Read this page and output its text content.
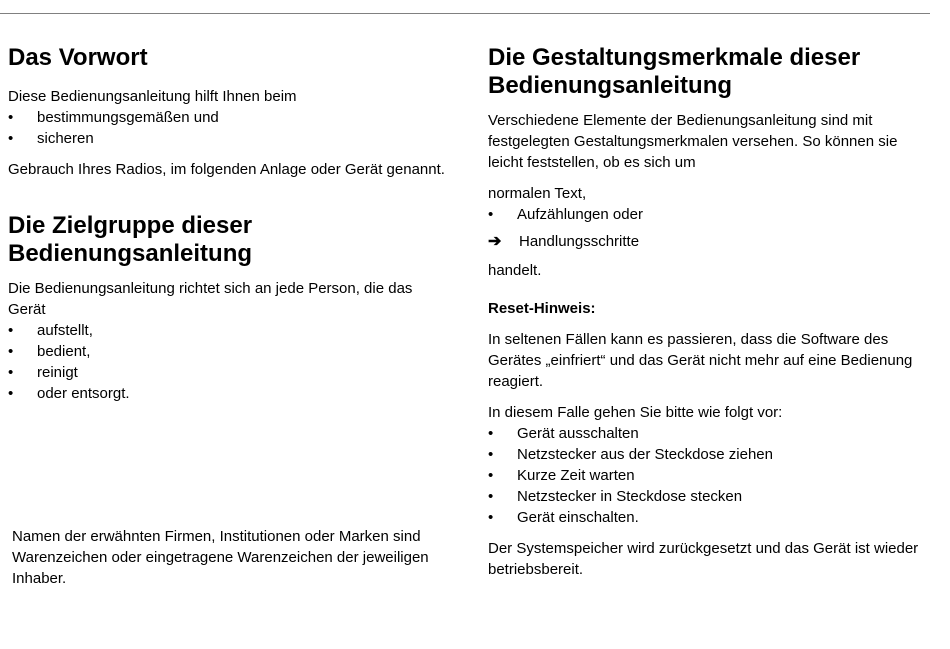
Das Vorwort

Diese Bedienungsanleitung hilft Ihnen beim

•	bestimmungsgemäßen und
•	sicheren

Gebrauch Ihres Radios, im folgenden Anlage oder Gerät genannt.

Die Zielgruppe dieser
Bedienungsanleitung

Die Bedienungsanleitung richtet sich an jede Person, die das Gerät

•	aufstellt,
•	bedient,
•	reinigt
•	oder entsorgt.

Namen der erwähnten Firmen, Institutionen oder Marken sind Warenzeichen oder eingetragene Warenzeichen der jeweiligen Inhaber.

Die Gestaltungsmerkmale dieser
Bedienungsanleitung

Verschiedene Elemente der Bedienungsanleitung sind mit festgelegten Gestaltungsmerkmalen versehen. So können sie leicht feststellen, ob es sich um

normalen Text,

•	Aufzählungen oder
➔	Handlungsschritte

handelt.

Reset-Hinweis:

In seltenen Fällen kann es passieren, dass die Software des Gerätes „einfriert“ und das Gerät nicht mehr auf eine Bedienung reagiert.

In diesem Falle gehen Sie bitte wie folgt vor:

•	Gerät ausschalten
•	Netzstecker aus der Steckdose ziehen
•	Kurze Zeit warten
•	Netzstecker in Steckdose stecken
•	Gerät einschalten.

Der Systemspeicher wird zurückgesetzt und das Gerät ist wieder betriebsbereit.
